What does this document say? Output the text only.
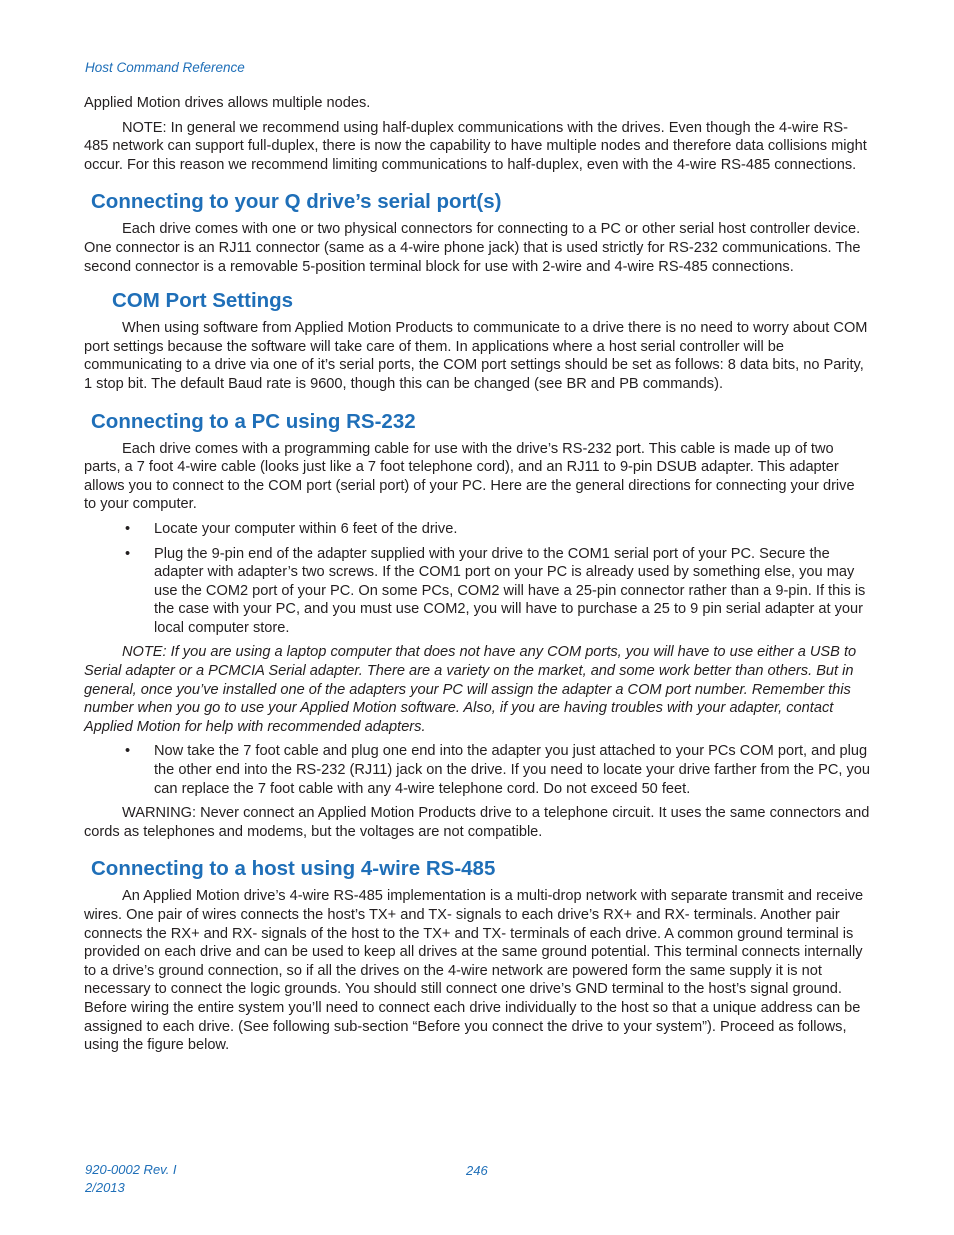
Host Command Reference

Applied Motion drives allows multiple nodes.

NOTE: In general we recommend using half-duplex communications with the drives. Even though the 4-wire RS-485 network can support full-duplex, there is now the capability to have multiple nodes and therefore data collisions might occur. For this reason we recommend limiting communications to half-duplex, even with the 4-wire RS-485 connections.

Connecting to your Q drive’s serial port(s)

Each drive comes with one or two physical connectors for connecting to a PC or other serial host controller device. One connector is an RJ11 connector (same as a 4-wire phone jack) that is used strictly for RS-232 communications. The second connector is a removable 5-position terminal block for use with 2-wire and 4-wire RS-485 connections.

COM Port Settings

When using software from Applied Motion Products to communicate to a drive there is no need to worry about COM port settings because the software will take care of them. In applications where a host serial controller will be communicating to a drive via one of it’s serial ports, the COM port settings should be set as follows: 8 data bits, no Parity, 1 stop bit. The default Baud rate is 9600, though this can be changed (see BR and PB commands).

Connecting to a PC using RS-232

Each drive comes with a programming cable for use with the drive’s RS-232 port. This cable is made up of two parts, a 7 foot 4-wire cable (looks just like a 7 foot telephone cord), and an RJ11 to 9-pin DSUB adapter. This adapter allows you to connect to the COM port (serial port) of your PC. Here are the general directions for connecting your drive to your computer.

• Locate your computer within 6 feet of the drive.
• Plug the 9-pin end of the adapter supplied with your drive to the COM1 serial port of your PC. Secure the adapter with adapter’s two screws. If the COM1 port on your PC is already used by something else, you may use the COM2 port of your PC. On some PCs, COM2 will have a 25-pin connector rather than a 9-pin. If this is the case with your PC, and you must use COM2, you will have to purchase a 25 to 9 pin serial adapter at your local computer store.

NOTE: If you are using a laptop computer that does not have any COM ports, you will have to use either a USB to Serial adapter or a PCMCIA Serial adapter. There are a variety on the market, and some work better than others. But in general, once you’ve installed one of the adapters your PC will assign the adapter a COM port number. Remember this number when you go to use your Applied Motion software. Also, if you are having troubles with your adapter, contact Applied Motion for help with recommended adapters.

• Now take the 7 foot cable and plug one end into the adapter you just attached to your PCs COM port, and plug the other end into the RS-232 (RJ11) jack on the drive. If you need to locate your drive farther from the PC, you can replace the 7 foot cable with any 4-wire telephone cord. Do not exceed 50 feet.

WARNING: Never connect an Applied Motion Products drive to a telephone circuit. It uses the same connectors and cords as telephones and modems, but the voltages are not compatible.

Connecting to a host using 4-wire RS-485

An Applied Motion drive’s 4-wire RS-485 implementation is a multi-drop network with separate transmit and receive wires. One pair of wires connects the host’s TX+ and TX- signals to each drive’s RX+ and RX- terminals. Another pair connects the RX+ and RX- signals of the host to the TX+ and TX- terminals of each drive. A common ground terminal is provided on each drive and can be used to keep all drives at the same ground potential. This terminal connects internally to a drive’s ground connection, so if all the drives on the 4-wire network are powered form the same supply it is not necessary to connect the logic grounds. You should still connect one drive’s GND terminal to the host’s signal ground. Before wiring the entire system you’ll need to connect each drive individually to the host so that a unique address can be assigned to each drive. (See following sub-section “Before you connect the drive to your system”). Proceed as follows, using the figure below.

920-0002 Rev. I
2/2013
246
